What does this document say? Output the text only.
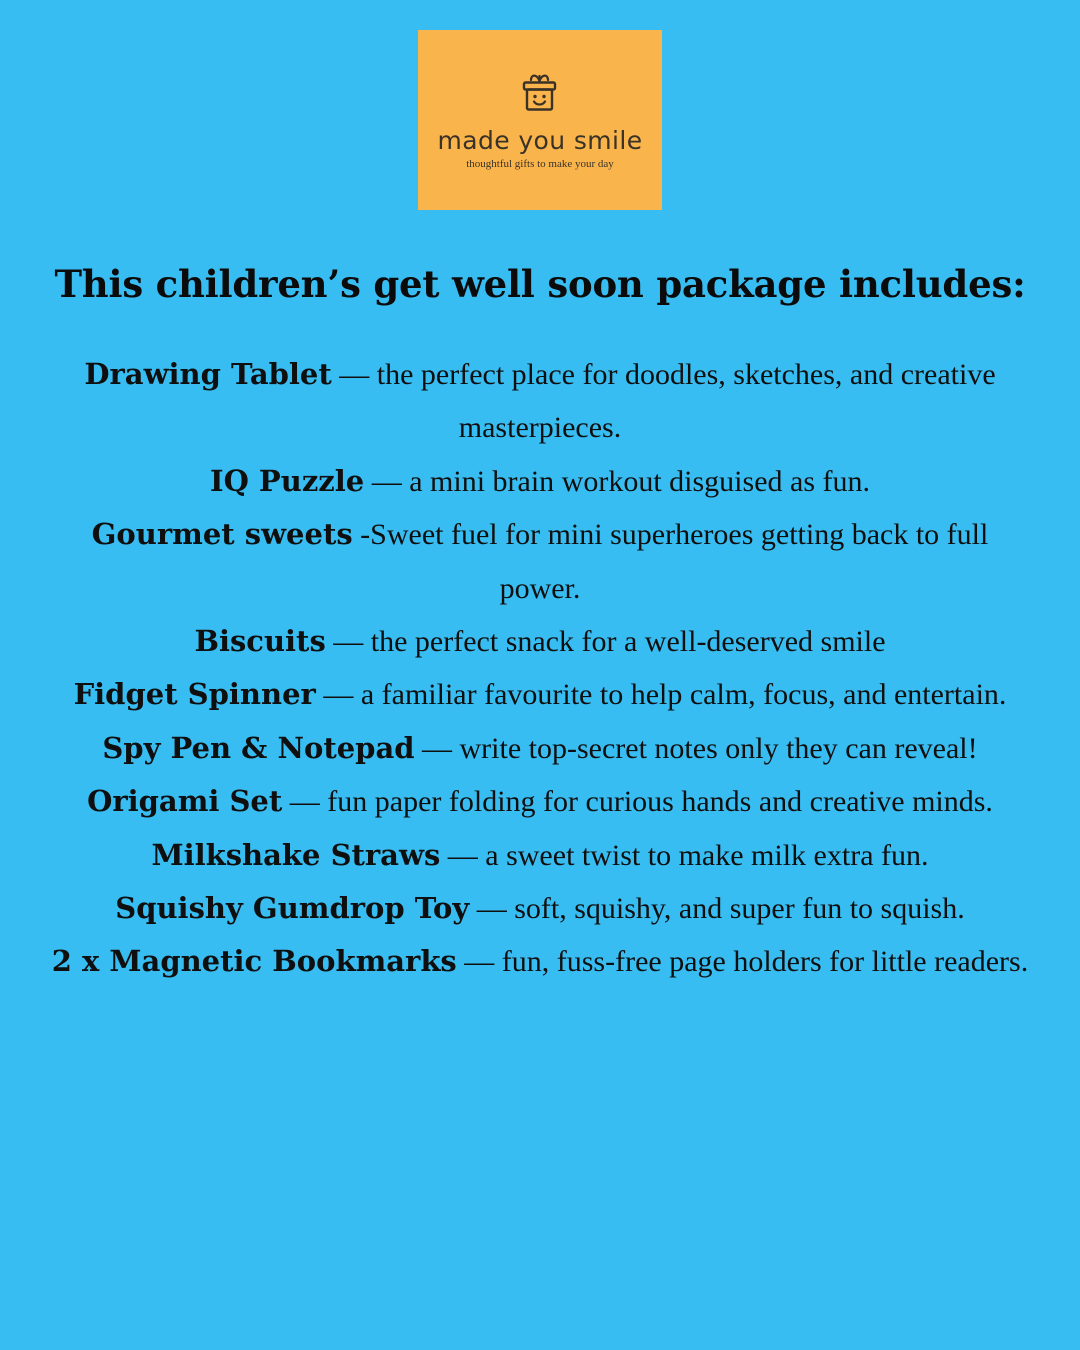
made you smile
thoughtful gifts to make your day
This children’s get well soon package includes:

Drawing Tablet — the perfect place for doodles, sketches, and creative masterpieces.

IQ Puzzle — a mini brain workout disguised as fun.

Gourmet sweets -Sweet fuel for mini superheroes getting back to full power.

Biscuits — the perfect snack for a well-deserved smile

Fidget Spinner — a familiar favourite to help calm, focus, and entertain.

Spy Pen & Notepad — write top-secret notes only they can reveal!

Origami Set — fun paper folding for curious hands and creative minds.

Milkshake Straws — a sweet twist to make milk extra fun.

Squishy Gumdrop Toy — soft, squishy, and super fun to squish.

2 x Magnetic Bookmarks — fun, fuss-free page holders for little readers.
